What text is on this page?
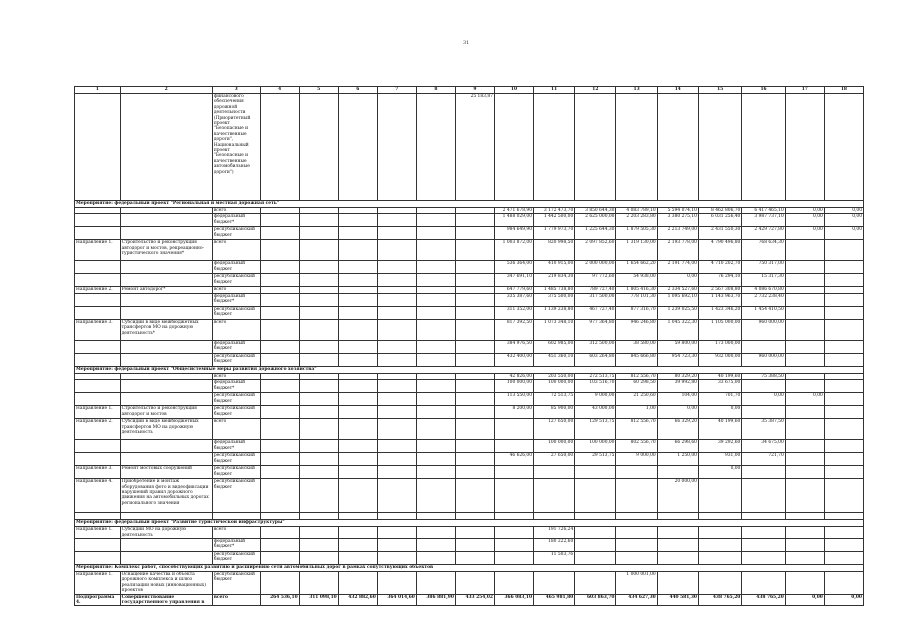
31
1	2	3	4	5	6	7	8	9	10	11	12	13	14	15	16	17	18
		финансового обеспечения дорожной деятельности (Приоритетный проект "Безопасные и качественные дороги", Национальный проект "Безопасные и качественные автомобильные дороги")						25 183,87									
Мероприятие: федеральный проект "Региональная и местная дорожная сеть"																	
		всего							2 471 678,90	3 172 473,70	3 850 644,30	4 083 789,10	5 594 074,10	8 462 806,70	6 417 465,10	0,00	0,00
		федеральный бюджет*							1 488 029,00	1 442 500,00	2 625 000,00	2 203 283,80	3 380 275,10	6 031 256,40	3 987 737,10	0,00	0,00
		республиканский бюджет							984 649,90	1 779 973,70	1 225 644,30	1 879 505,30	2 213 749,00	2 431 550,30	2 429 727,80	0,00	0,00
Направление 1.	Строительство и реконструкция автодорог и мостов, рекреационно-туристического значения*	всего							1 003 872,00	820 998,50	2 097 852,60	1 319 130,00	2 193 778,00	4 790 496,80	768 634,30		
		федеральный бюджет							536 364,00	410 915,00	2 000 000,00	1 654 662,20	2 191 774,00	4 710 202,70	750 317,00		
		республиканский бюджет							347 691,10	219 834,30	97 772,60	54 938,00	0,00	76 294,10	15 317,30		
Направление 2.	Ремонт автодорог*	всего							647 779,60	1 485 738,80	789 727,40	1 805 416,30	2 334 527,60	2 567 308,80	4 086 670,80		
		федеральный бюджет*							335 387,60	375 500,00	317 500,00	778 101,30	1 095 692,10	1 143 963,70	2 732 238,40		
		республиканский бюджет							311 352,00	1 139 238,80	467 727,40	877 316,70	1 239 025,50	1 423 346,20	1 454 410,50		
Направление 3.	Субсидии в виде межбюджетных трансфертов МО на дорожную деятельность*	всего							817 392,50	1 073 348,10	977 364,80	946 246,80	1 045 322,30	1 105 000,00	960 000,00		
		федеральный бюджет							384 976,50	602 985,00	312 500,00	38 580,00	59 800,00	173 000,00			
		республиканский бюджет							432 400,00	451 360,10	603 264,80	845 666,80	954 723,30	932 000,00	960 000,00		
Мероприятие: федеральный проект "Общесистемные меры развития дорожного хозяйства"																	
		всего							42 826,00	203 550,00	272 513,75	812 556,70	80 329,20	40 199,60	75 388,50		
		федеральный бюджет*							100 000,00	100 000,00	103 516,70	60 298,50	39 992,80	33 675,00			
		республиканский бюджет							113 550,00	72 513,75	9 000,00	21 250,60	104,00	701,70	0,00	0,00	
Направление 1.	Строительство и реконструкция автодорог и мостов	республиканский бюджет							8 200,00	85 900,00	43 000,00	1,00	0,00	0,00			
Направление 2.	Субсидии в виде межбюджетных трансфертов МО на дорожную деятельность	всего								127 650,00	129 513,75	812 556,70	66 329,20	40 199,60	35 387,50		
		федеральный бюджет*								100 000,00	100 000,00	802 556,70	66 298,60	39 292,60	34 675,00		
		республиканский бюджет							46 626,00	27 650,00	29 513,75	9 000,00	1 250,00	931,00	721,70		
Направление 3.	Ремонт мостовых сооружений	республиканский бюджет												0,00			
Направление 4.	Приобретение и монтаж оборудования фото и видеофиксации нарушений правил дорожного движения на автомобильных дорогах регионального значения	республиканский бюджет											20 000,00				

Мероприятие: федеральный проект "Развитие туристической инфраструктуры"																	
Направление 1.	Субсидии МО на дорожную деятельность	всего								191 726,24							
		федеральный бюджет*								180 222,60							
		республиканский бюджет								11 503,76							
Мероприятие: Комплекс работ, способствующих развитию и расширению сети автомобильных дорог в рамках сопутствующих объектов																	
Направление 1.	Оснащение качества и объекта дорожного комплекса и шлюз реализации новых (инновационных) проектов	республиканский бюджет										1 000 001,00					
Подпрограмма 4.	Совершенствование государственного управления в	всего	264 536,10	311 098,10	432 882,60	364 014,60	386 881,90	433 254,02	366 083,10	465 981,80	603 863,70	434 627,30	440 581,30	438 765,20	438 765,20	0,00	0,00
